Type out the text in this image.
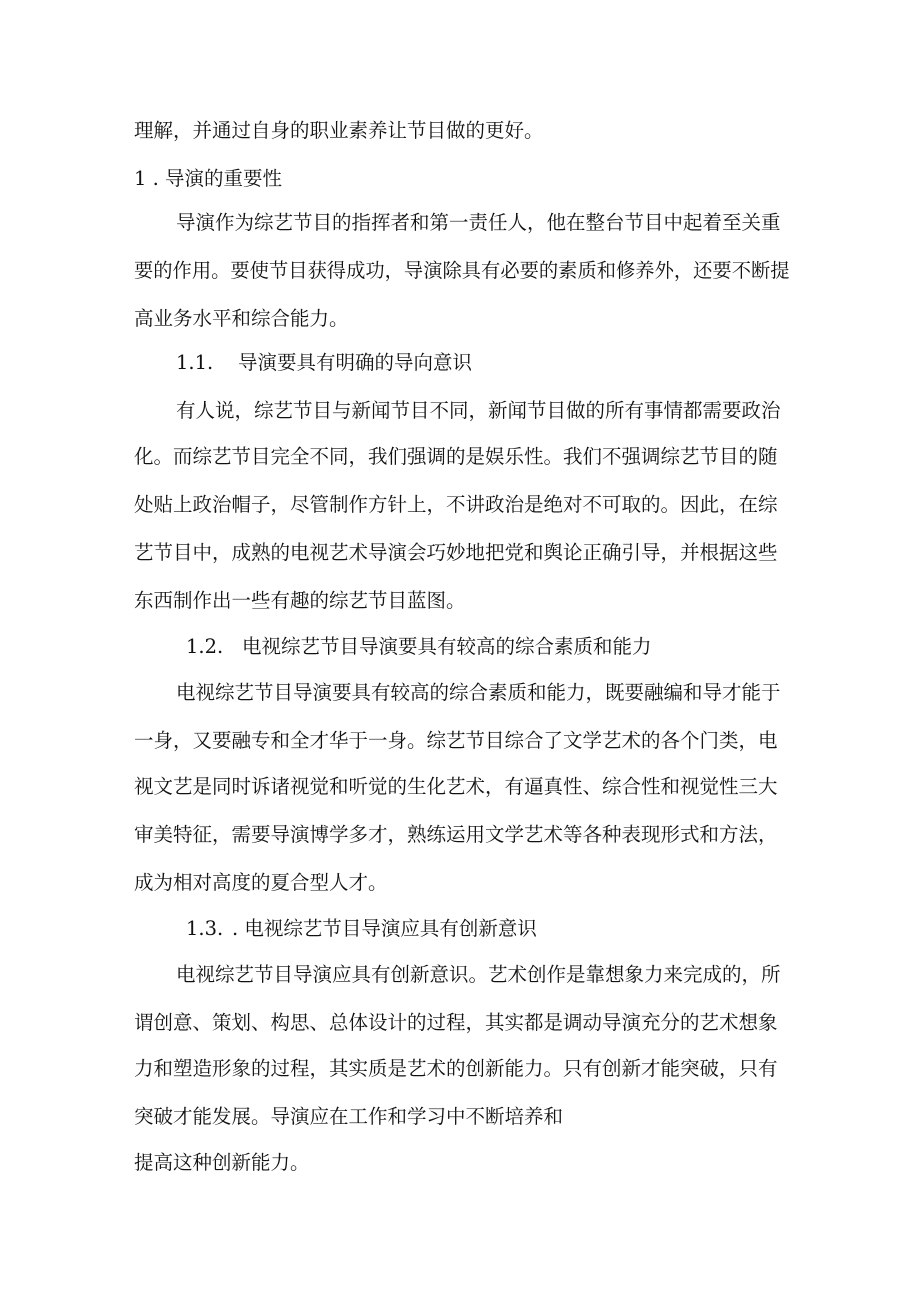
理解，并通过自身的职业素养让节目做的更好。
1 . 导演的重要性
导演作为综艺节目的指挥者和第一责任人，他在整台节目中起着至关重
要的作用。要使节目获得成功，导演除具有必要的素质和修养外，还要不断提
高业务水平和综合能力。
1.1. 导演要具有明确的导向意识
有人说，综艺节目与新闻节目不同，新闻节目做的所有事情都需要政治
化。而综艺节目完全不同，我们强调的是娱乐性。我们不强调综艺节目的随
处贴上政治帽子，尽管制作方针上，不讲政治是绝对不可取的。因此，在综
艺节目中，成熟的电视艺术导演会巧妙地把党和舆论正确引导，并根据这些
东西制作出一些有趣的综艺节目蓝图。
1.2. 电视综艺节目导演要具有较高的综合素质和能力
电视综艺节目导演要具有较高的综合素质和能力，既要融编和导才能于
一身，又要融专和全才华于一身。综艺节目综合了文学艺术的各个门类，电
视文艺是同时诉诸视觉和听觉的生化艺术，有逼真性、综合性和视觉性三大
审美特征，需要导演博学多才，熟练运用文学艺术等各种表现形式和方法，
成为相对高度的夏合型人才。
1.3. . 电视综艺节目导演应具有创新意识
电视综艺节目导演应具有创新意识。艺术创作是靠想象力来完成的，所
谓创意、策划、构思、总体设计的过程，其实都是调动导演充分的艺术想象
力和塑造形象的过程，其实质是艺术的创新能力。只有创新才能突破，只有
突破才能发展。导演应在工作和学习中不断培养和
提高这种创新能力。
